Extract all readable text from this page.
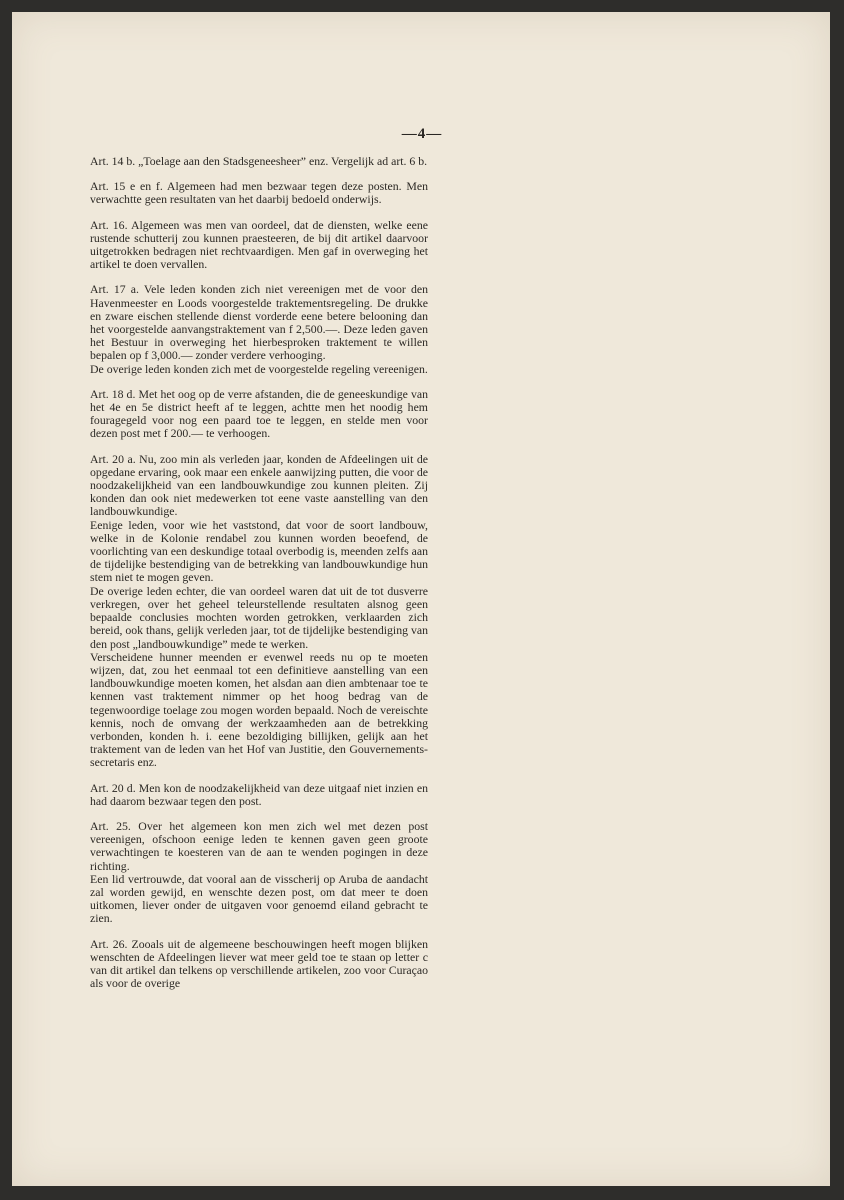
—4—

Art. 14 b. „Toelage aan den Stadsgeneesheer” enz. Vergelijk ad art. 6 b.

Art. 15 e en f. Algemeen had men bezwaar tegen deze posten. Men verwachtte geen resultaten van het daarbij bedoeld onderwijs.

Art. 16. Algemeen was men van oordeel, dat de diensten, welke eene rustende schutterij zou kunnen praesteeren, de bij dit artikel daarvoor uitgetrokken bedragen niet rechtvaardigen. Men gaf in overweging het artikel te doen vervallen.

Art. 17 a. Vele leden konden zich niet vereenigen met de voor den Havenmeester en Loods voorgestelde traktementsregeling. De drukke en zware eischen stellende dienst vorderde eene betere belooning dan het voorgestelde aanvangstraktement van f 2,500.—. Deze leden gaven het Bestuur in overweging het hierbesproken traktement te willen bepalen op f 3,000.— zonder verdere verhooging.

De overige leden konden zich met de voorgestelde regeling vereenigen.

Art. 18 d. Met het oog op de verre afstanden, die de geneeskundige van het 4e en 5e district heeft af te leggen, achtte men het noodig hem fouragegeld voor nog een paard toe te leggen, en stelde men voor dezen post met f 200.— te verhoogen.

Art. 20 a. Nu, zoo min als verleden jaar, konden de Afdeelingen uit de opgedane ervaring, ook maar een enkele aanwijzing putten, die voor de noodzakelijkheid van een landbouwkundige zou kunnen pleiten. Zij konden dan ook niet medewerken tot eene vaste aanstelling van den landbouwkundige.

Eenige leden, voor wie het vaststond, dat voor de soort landbouw, welke in de Kolonie rendabel zou kunnen worden beoefend, de voorlichting van een deskundige totaal overbodig is, meenden zelfs aan de tijdelijke bestendiging van de betrekking van landbouwkundige hun stem niet te mogen geven.

De overige leden echter, die van oordeel waren dat uit de tot dusverre verkregen, over het geheel teleurstellende resultaten alsnog geen bepaalde conclusies mochten worden getrokken, verklaarden zich bereid, ook thans, gelijk verleden jaar, tot de tijdelijke bestendiging van den post „landbouwkundige” mede te werken.

Verscheidene hunner meenden er evenwel reeds nu op te moeten wijzen, dat, zou het eenmaal tot een definitieve aanstelling van een landbouwkundige moeten komen, het alsdan aan dien ambtenaar toe te kennen vast traktement nimmer op het hoog bedrag van de tegenwoordige toelage zou mogen worden bepaald. Noch de vereischte kennis, noch de omvang der werkzaamheden aan de betrekking verbonden, konden h. i. eene bezoldiging billijken, gelijk aan het traktement van de leden van het Hof van Justitie, den Gouvernements-secretaris enz.

Art. 20 d. Men kon de noodzakelijkheid van deze uitgaaf niet inzien en had daarom bezwaar tegen den post.

Art. 25. Over het algemeen kon men zich wel met dezen post vereenigen, ofschoon eenige leden te kennen gaven geen groote verwachtingen te koesteren van de aan te wenden pogingen in deze richting.

Een lid vertrouwde, dat vooral aan de visscherij op Aruba de aandacht zal worden gewijd, en wenschte dezen post, om dat meer te doen uitkomen, liever onder de uitgaven voor genoemd eiland gebracht te zien.

Art. 26. Zooals uit de algemeene beschouwingen heeft mogen blijken wenschten de Afdeelingen liever wat meer geld toe te staan op letter c van dit artikel dan telkens op verschillende artikelen, zoo voor Curaçao als voor de overige
